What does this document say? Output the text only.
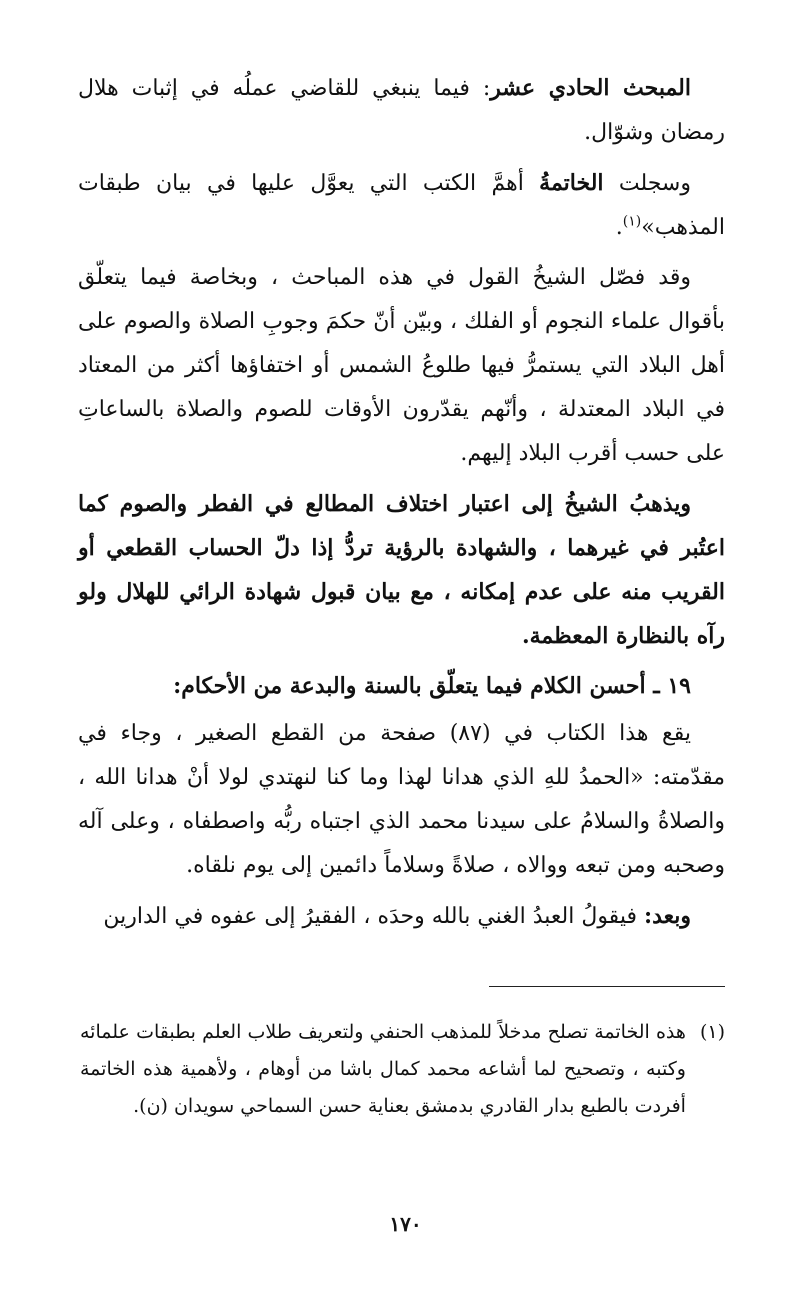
المبحث الحادي عشر: فيما ينبغي للقاضي عملُه في إثبات هلال رمضان وشوّال.

وسجلت الخاتمةُ أهمَّ الكتب التي يعوَّل عليها في بيان طبقات المذهب»$^{(١)}$.

وقد فصّل الشيخُ القول في هذه المباحث ، وبخاصة فيما يتعلّق بأقوال علماء النجوم أو الفلك ، وبيّن أنّ حكمَ وجوبِ الصلاة والصوم على أهل البلاد التي يستمرُّ فيها طلوعُ الشمس أو اختفاؤها أكثر من المعتاد في البلاد المعتدلة ، وأنّهم يقدّرون الأوقات للصوم والصلاة بالساعاتِ على حسب أقرب البلاد إليهم.

ويذهبُ الشيخُ إلى اعتبار اختلاف المطالع في الفطر والصوم كما اعتُبر في غيرهما ، والشهادة بالرؤية تردُّ إذا دلّ الحساب القطعي أو القريب منه على عدم إمكانه ، مع بيان قبول شهادة الرائي للهلال ولو رآه بالنظارة المعظمة.

١٩ ـ أحسن الكلام فيما يتعلّق بالسنة والبدعة من الأحكام:

يقع هذا الكتاب في (٨٧) صفحة من القطع الصغير ، وجاء في مقدّمته: «الحمدُ للهِ الذي هدانا لهذا وما كنا لنهتدي لولا أنْ هدانا الله ، والصلاةُ والسلامُ على سيدنا محمد الذي اجتباه ربُّه واصطفاه ، وعلى آله وصحبه ومن تبعه ووالاه ، صلاةً وسلاماً دائمين إلى يوم نلقاه.

وبعد: فيقولُ العبدُ الغني بالله وحدَه ، الفقيرُ إلى عفوه في الدارين

(١)
هذه الخاتمة تصلح مدخلاً للمذهب الحنفي ولتعريف طلاب العلم بطبقات علمائه وكتبه ، وتصحيح لما أشاعه محمد كمال باشا من أوهام ، ولأهمية هذه الخاتمة أفردت بالطبع بدار القادري بدمشق بعناية حسن السماحي سويدان (ن).
١٧٠
